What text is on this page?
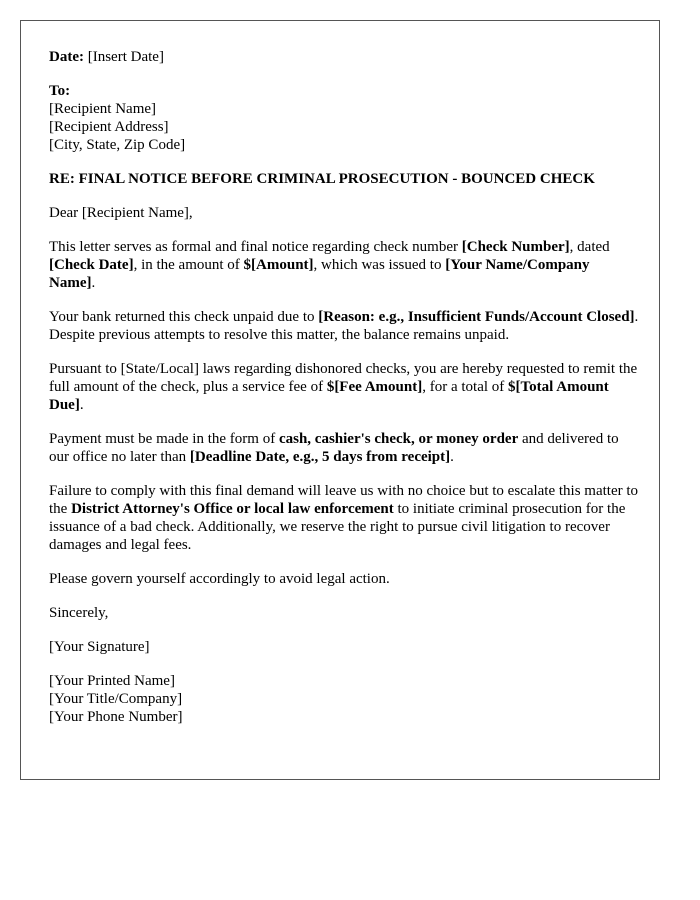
Date: [Insert Date]

To:
[Recipient Name]
[Recipient Address]
[City, State, Zip Code]

RE: FINAL NOTICE BEFORE CRIMINAL PROSECUTION - BOUNCED CHECK

Dear [Recipient Name],

This letter serves as formal and final notice regarding check number [Check Number], dated [Check Date], in the amount of $[Amount], which was issued to [Your Name/Company Name].

Your bank returned this check unpaid due to [Reason: e.g., Insufficient Funds/Account Closed]. Despite previous attempts to resolve this matter, the balance remains unpaid.

Pursuant to [State/Local] laws regarding dishonored checks, you are hereby requested to remit the full amount of the check, plus a service fee of $[Fee Amount], for a total of $[Total Amount Due].

Payment must be made in the form of cash, cashier's check, or money order and delivered to our office no later than [Deadline Date, e.g., 5 days from receipt].

Failure to comply with this final demand will leave us with no choice but to escalate this matter to the District Attorney's Office or local law enforcement to initiate criminal prosecution for the issuance of a bad check. Additionally, we reserve the right to pursue civil litigation to recover damages and legal fees.

Please govern yourself accordingly to avoid legal action.

Sincerely,

[Your Signature]

[Your Printed Name]
[Your Title/Company]
[Your Phone Number]
